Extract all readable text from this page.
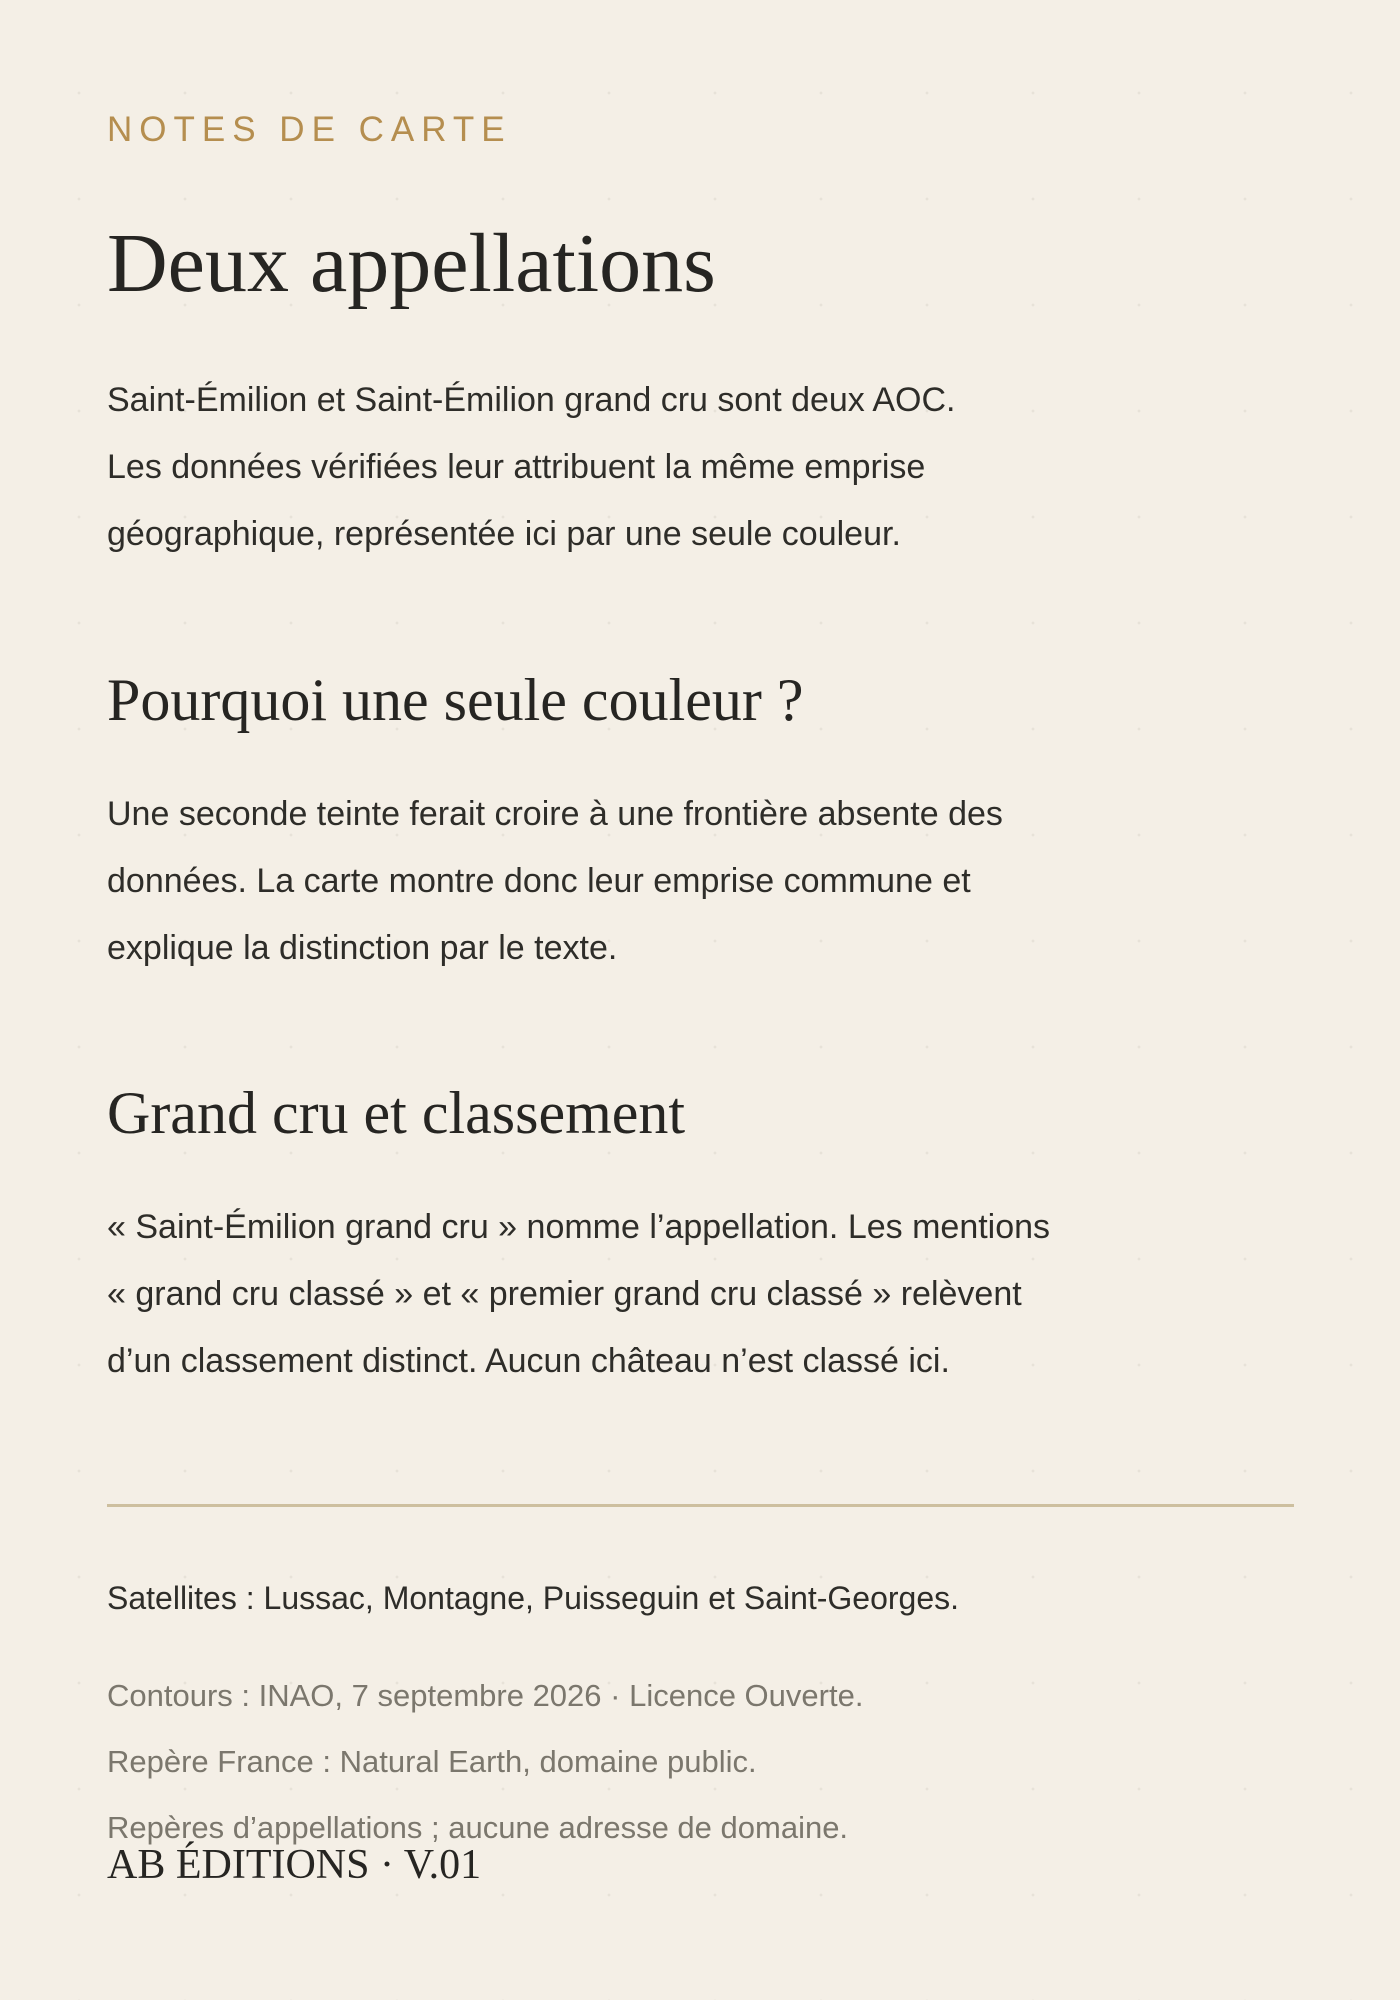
NOTES DE CARTE

Deux appellations

Saint-Émilion et Saint-Émilion grand cru sont deux AOC.
Les données vérifiées leur attribuent la même emprise
géographique, représentée ici par une seule couleur.

Pourquoi une seule couleur ?

Une seconde teinte ferait croire à une frontière absente des
données. La carte montre donc leur emprise commune et
explique la distinction par le texte.

Grand cru et classement

« Saint-Émilion grand cru » nomme l’appellation. Les mentions
« grand cru classé » et « premier grand cru classé » relèvent
d’un classement distinct. Aucun château n’est classé ici.

Satellites : Lussac, Montagne, Puisseguin et Saint-Georges.

Contours : INAO, 7 septembre 2026 · Licence Ouverte.

Repère France : Natural Earth, domaine public.

Repères d’appellations ; aucune adresse de domaine.

AB ÉDITIONS · V.01
